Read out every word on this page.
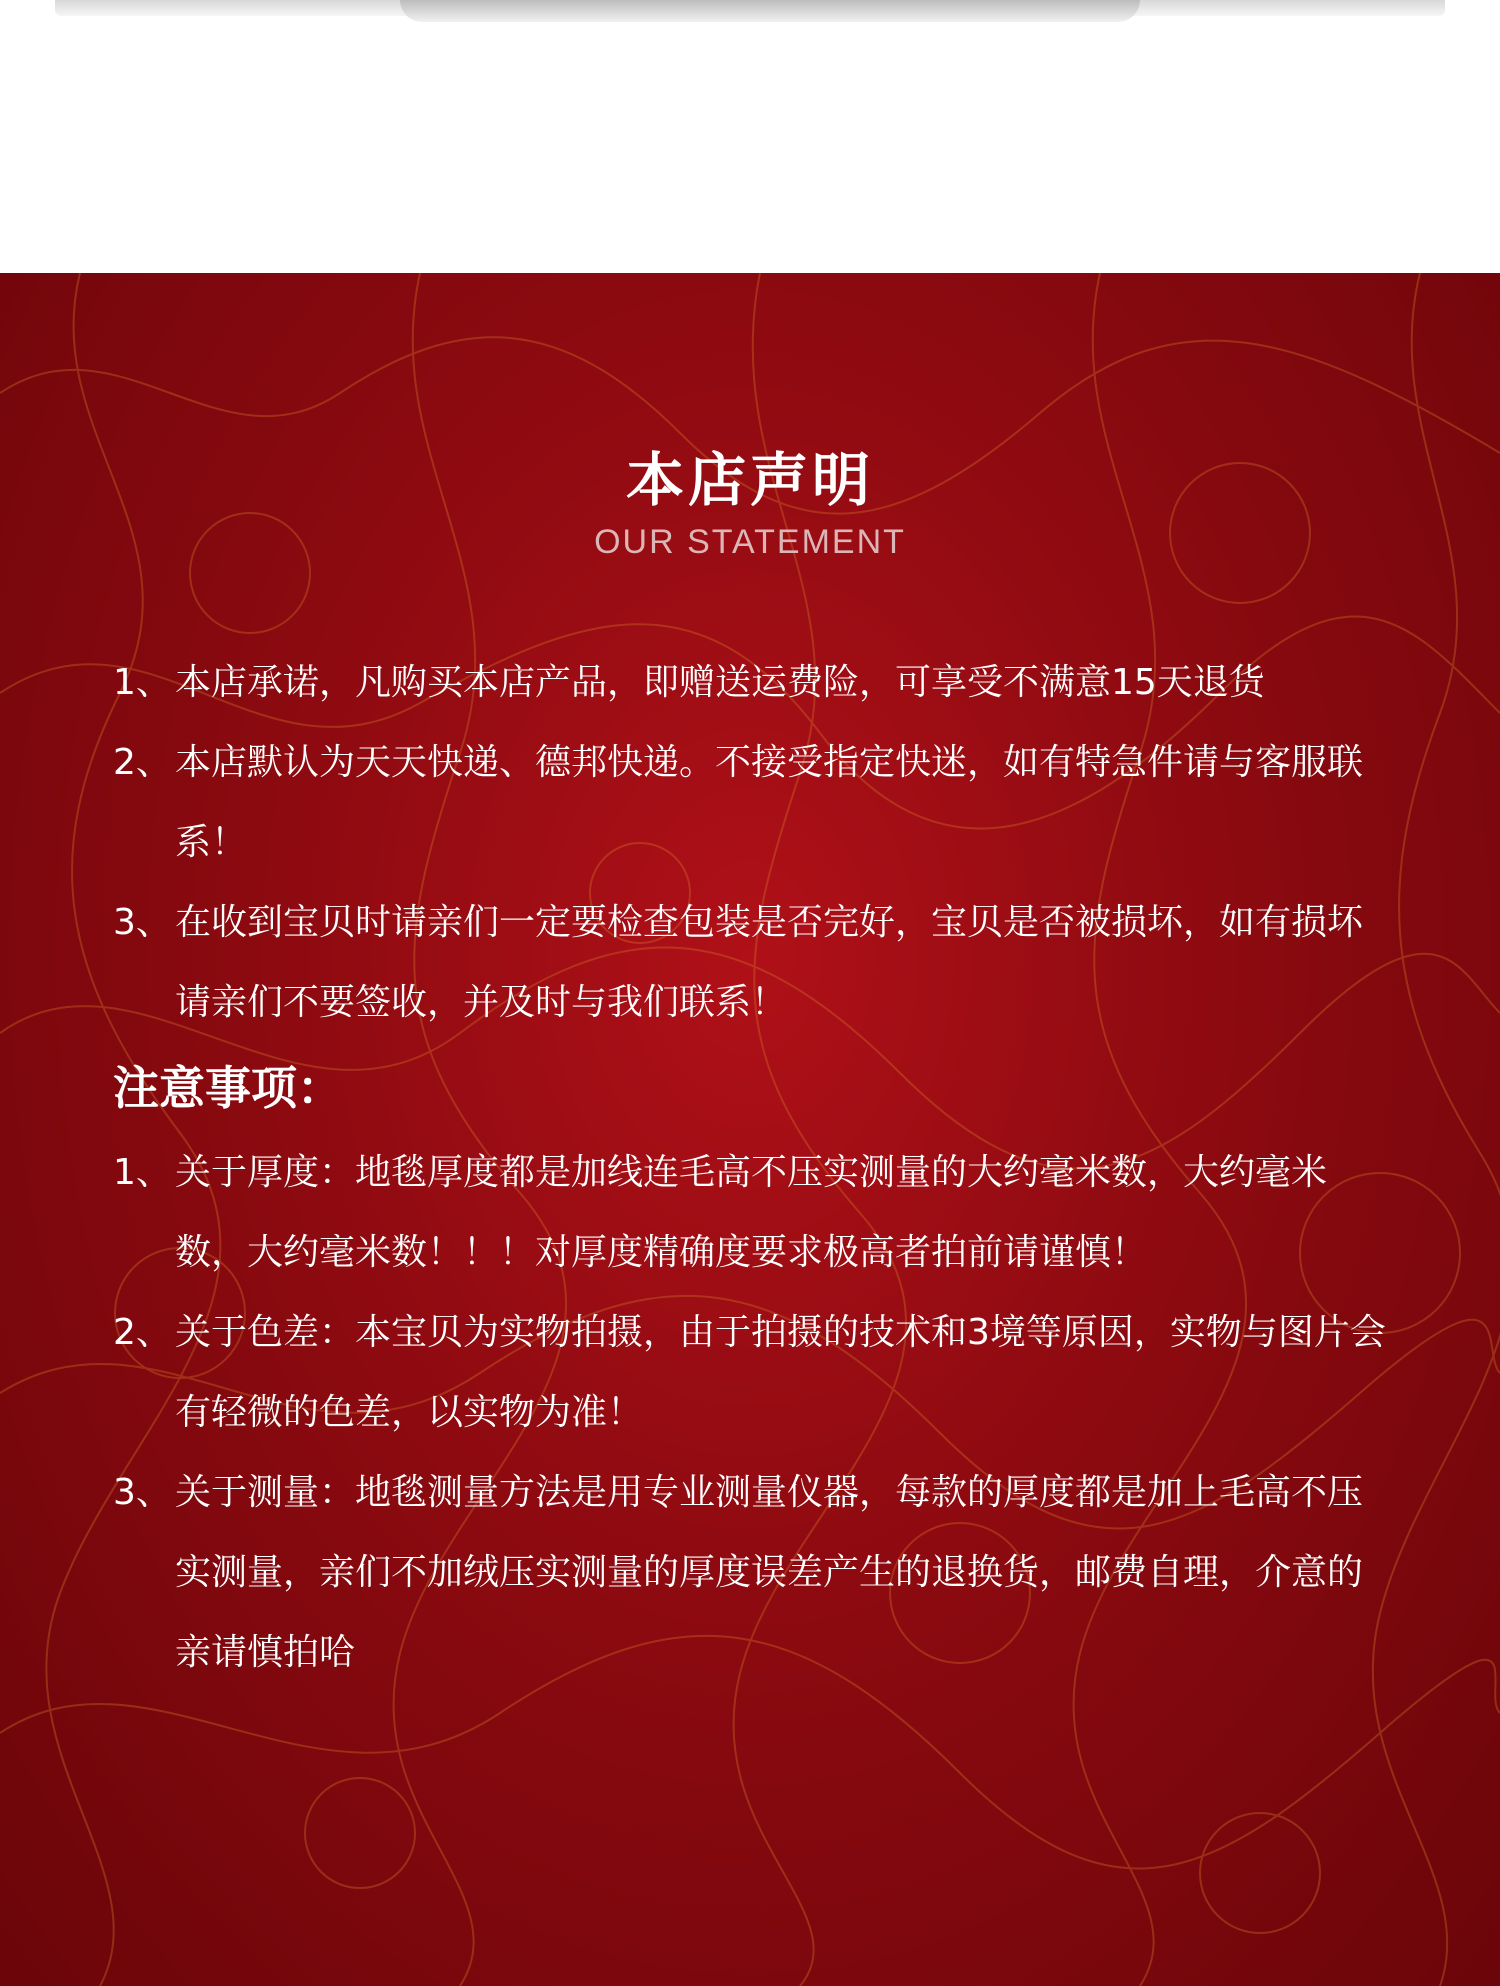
本店声明
OUR STATEMENT
1、 本店承诺，凡购买本店产品，即赠送运费险，可享受不满意15天退货
2、 本店默认为天天快递、德邦快递。不接受指定快迷，如有特急件请与客服联系！
3、 在收到宝贝时请亲们一定要检查包装是否完好，宝贝是否被损坏，如有损坏请亲们不要签收，并及时与我们联系！
注意事项：
1、 关于厚度：地毯厚度都是加线连毛高不压实测量的大约毫米数，大约毫米数，大约毫米数！！！对厚度精确度要求极高者拍前请谨慎！
2、 关于色差：本宝贝为实物拍摄，由于拍摄的技术和3境等原因，实物与图片会有轻微的色差，以实物为准！
3、 关于测量：地毯测量方法是用专业测量仪器，每款的厚度都是加上毛高不压实测量，亲们不加绒压实测量的厚度误差产生的退换货，邮费自理，介意的亲请慎拍哈
